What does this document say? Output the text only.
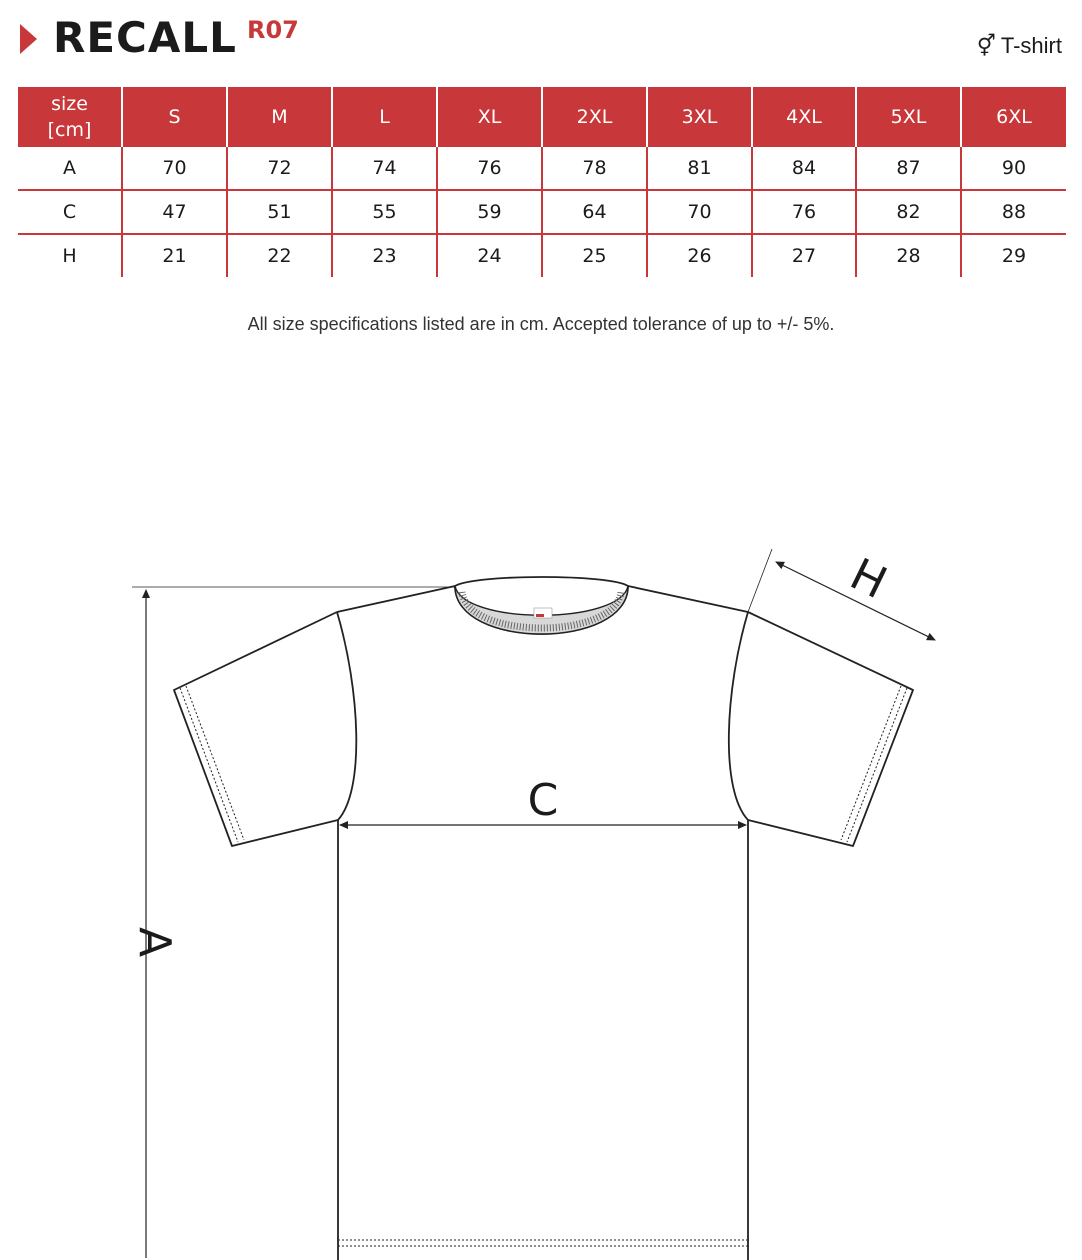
RECALL R07
⚥ T-shirt
size
[cm]	S	M	L	XL	2XL	3XL	4XL	5XL	6XL
A	70	72	74	76	78	81	84	87	90
C	47	51	55	59	64	70	76	82	88
H	21	22	23	24	25	26	27	28	29
All size specifications listed are in cm. Accepted tolerance of up to +/- 5%.
A
C
H
